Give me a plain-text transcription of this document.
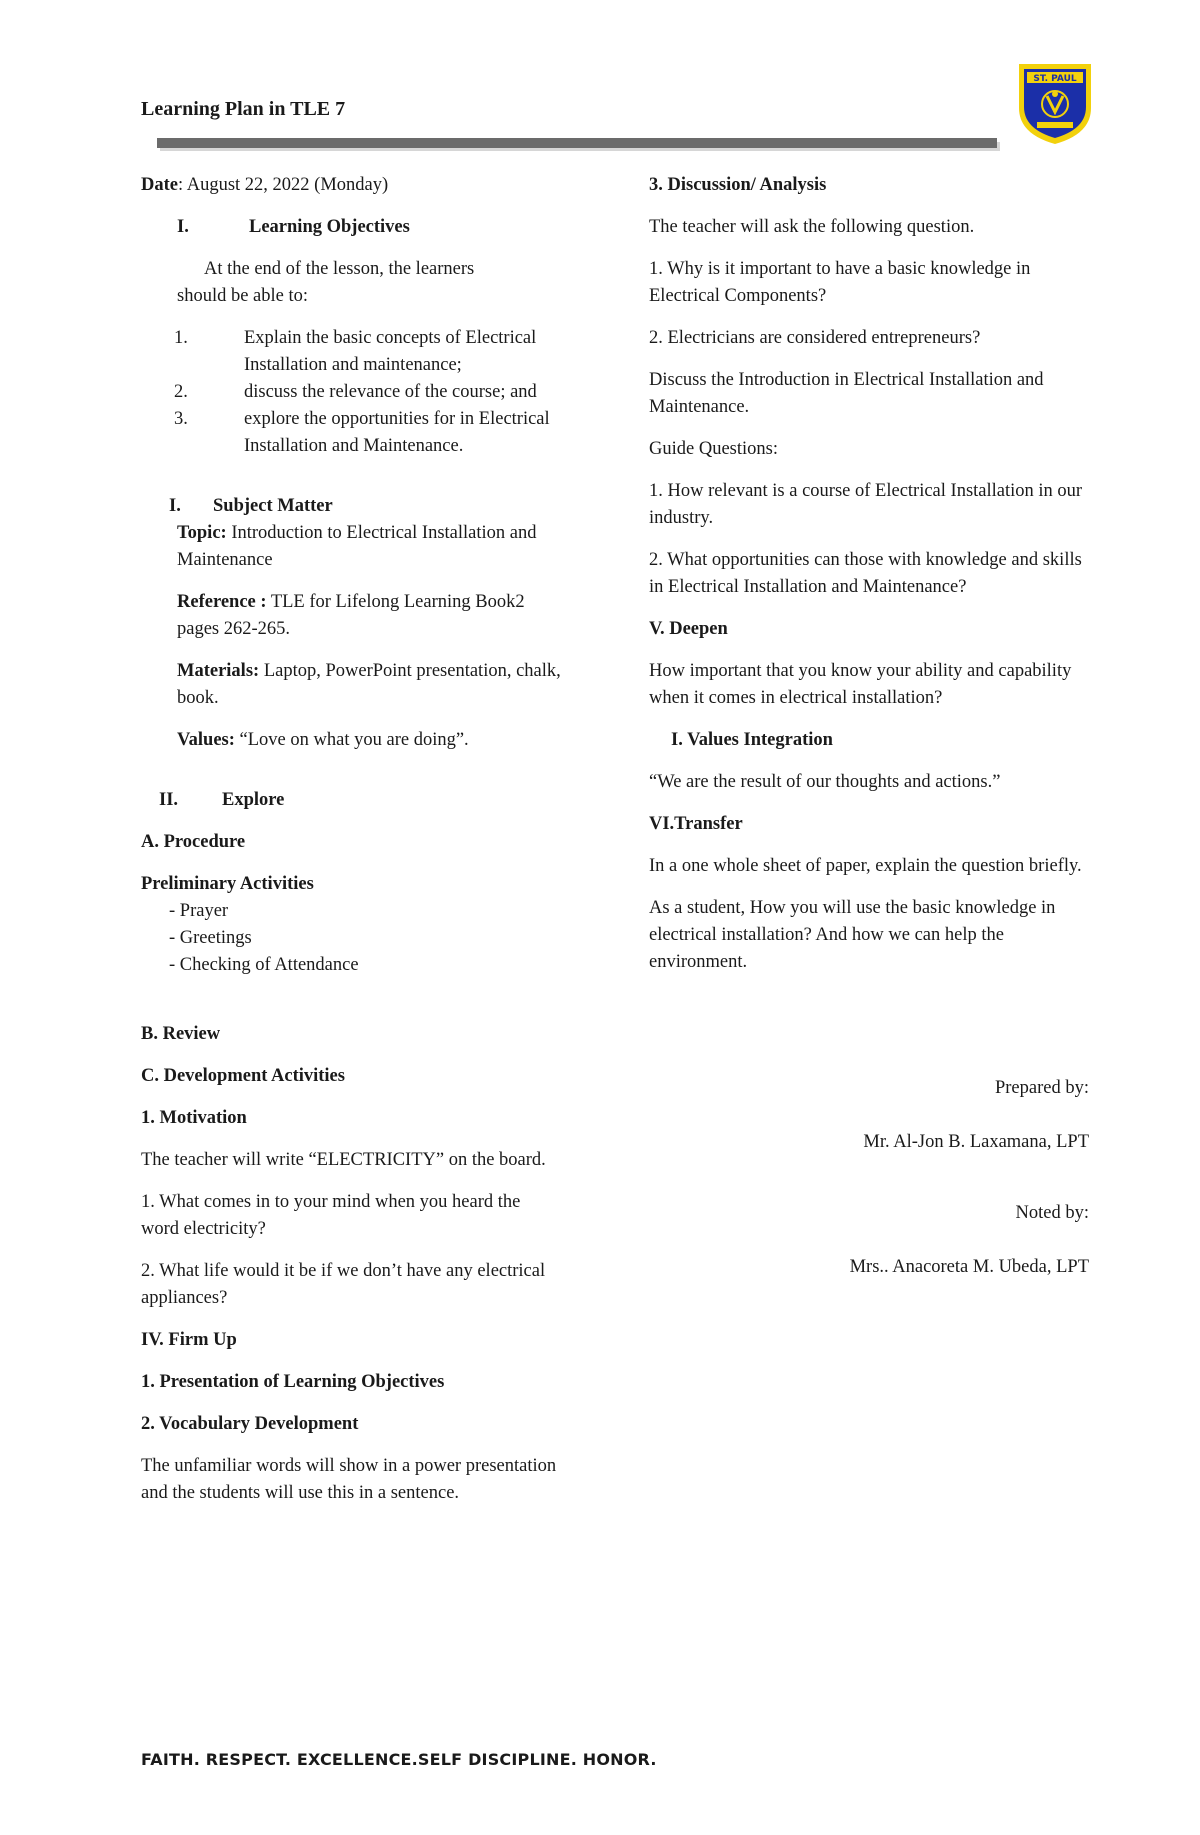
Learning Plan in TLE 7
ST. PAUL

Date: August 22, 2022 (Monday)

I.	Learning Objectives
At the end of the lesson, the learners
should be able to:
1.	Explain the basic concepts of Electrical Installation and maintenance;
2.	discuss the relevance of the course; and
3.	explore the opportunities for in Electrical Installation and Maintenance.
I.	Subject Matter

Topic: Introduction to Electrical Installation and Maintenance

Reference : TLE for Lifelong Learning Book2 pages 262-265.

Materials: Laptop, PowerPoint presentation, chalk, book.

Values: “Love on what you are doing”.

II.	Explore
A. Procedure
Preliminary Activities
- Prayer
- Greetings
- Checking of Attendance
B. Review
C. Development Activities
1. Motivation

The teacher will write “ELECTRICITY” on the board.

1. What comes in to your mind when you heard the word electricity?

2. What life would it be if we don’t have any electrical appliances?

IV. Firm Up
1. Presentation of Learning Objectives
2. Vocabulary Development

The unfamiliar words will show in a power presentation and the students will use this in a sentence.

3. Discussion/ Analysis

The teacher will ask the following question.

1. Why is it important to have a basic knowledge in Electrical Components?

2. Electricians are considered entrepreneurs?

Discuss the Introduction in Electrical Installation and Maintenance.

Guide Questions:

1. How relevant is a course of Electrical Installation in our industry.

2. What opportunities can those with knowledge and skills in Electrical Installation and Maintenance?

V. Deepen

How important that you know your ability and capability when it comes in electrical installation?

I. Values Integration

“We are the result of our thoughts and actions.”

VI.Transfer

In a one whole sheet of paper, explain the question briefly.

As a student, How you will use the basic knowledge in electrical installation? And how we can help the environment.

Prepared by:

Mr. Al-Jon B. Laxamana, LPT

Noted by:

Mrs.. Anacoreta M. Ubeda, LPT

FAITH. RESPECT. EXCELLENCE.SELF DISCIPLINE. HONOR.
